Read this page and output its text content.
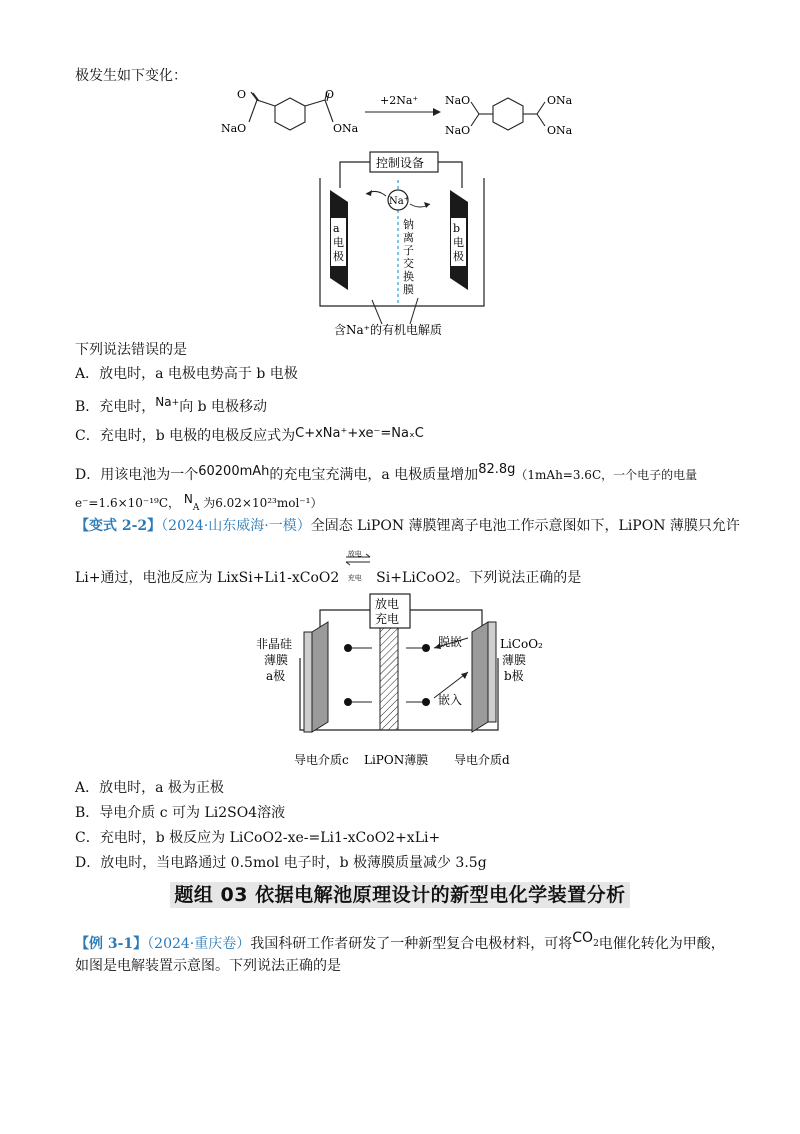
极发生如下变化：
O	O
NaO	ONa
+2Na⁺ NaO
NaO
ONa
ONa
控制设备
a
电
极
b
电
极
Na⁺
钠
离
子
交
换
膜
含Na⁺的有机电解质
下列说法错误的是
A．放电时，a 电极电势高于 b 电极
B．充电时，Na+向 b 电极移动
C．充电时，b 电极的电极反应式为C+xNa⁺+xe⁻=NaₓC
D．用该电池为一个60200mAh的充电宝充满电，a 电极质量增加82.8g（1mAh=3.6C，一个电子的电量
e⁻=1.6×10⁻¹⁹C， $N_A$ 为6.02×10²³mol⁻¹）
【变式 2-2】（2024·山东威海·一模）全固态 LiPON 薄膜锂离子电池工作示意图如下，LiPON 薄膜只允许
Li+通过，电池反应为 LixSi+Li1-xCoO2
放电
充电 Si+LiCoO2。下列说法正确的是
放电
充电
脱嵌
嵌入
非晶硅
薄膜
a极
LiCoO₂
薄膜
b极
导电介质c LiPON薄膜 导电介质d
A．放电时，a 极为正极
B．导电介质 c 可为 Li2SO4溶液
C．充电时，b 极反应为 LiCoO2-xe-=Li1-xCoO2+xLi+
D．放电时，当电路通过 0.5mol 电子时，b 极薄膜质量减少 3.5g
题组 03 依据电解池原理设计的新型电化学装置分析
【例 3-1】（2024·重庆卷）我国科研工作者研发了一种新型复合电极材料，可将$CO^2$电催化转化为甲酸，
如图是电解装置示意图。下列说法正确的是
